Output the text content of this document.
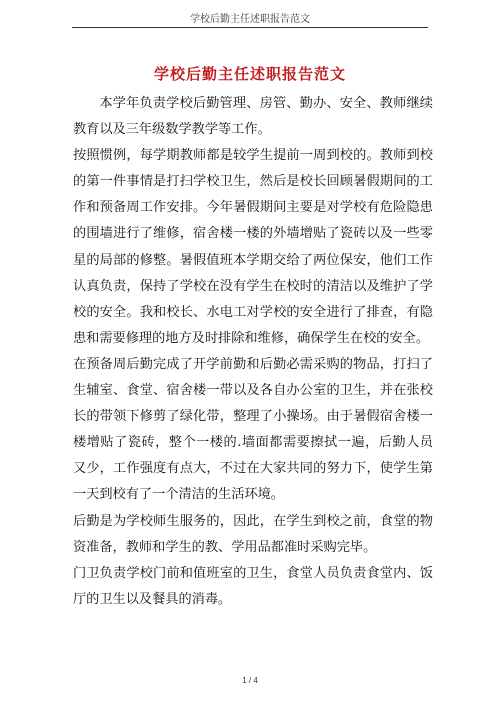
学校后勤主任述职报告范文
学校后勤主任述职报告范文

本学年负责学校后勤管理、房管、勤办、安全、教师继续教育以及三年级数学教学等工作。

按照惯例，每学期教师都是较学生提前一周到校的。教师到校的第一件事情是打扫学校卫生，然后是校长回顾暑假期间的工作和预备周工作安排。今年暑假期间主要是对学校有危险隐患的围墙进行了维修，宿舍楼一楼的外墙增贴了瓷砖以及一些零星的局部的修整。暑假值班本学期交给了两位保安，他们工作认真负责，保持了学校在没有学生在校时的清洁以及维护了学校的安全。我和校长、水电工对学校的安全进行了排查，有隐患和需要修理的地方及时排除和维修，确保学生在校的安全。

在预备周后勤完成了开学前勤和后勤必需采购的物品，打扫了生辅室、食堂、宿舍楼一带以及各自办公室的卫生，并在张校长的带领下修剪了绿化带，整理了小操场。由于暑假宿舍楼一楼增贴了瓷砖，整个一楼的.墙面都需要擦拭一遍，后勤人员又少，工作强度有点大，不过在大家共同的努力下，使学生第一天到校有了一个清洁的生活环境。

后勤是为学校师生服务的，因此，在学生到校之前，食堂的物资准备，教师和学生的教、学用品都准时采购完毕。

门卫负责学校门前和值班室的卫生，食堂人员负责食堂内、饭厅的卫生以及餐具的消毒。

1 / 4
